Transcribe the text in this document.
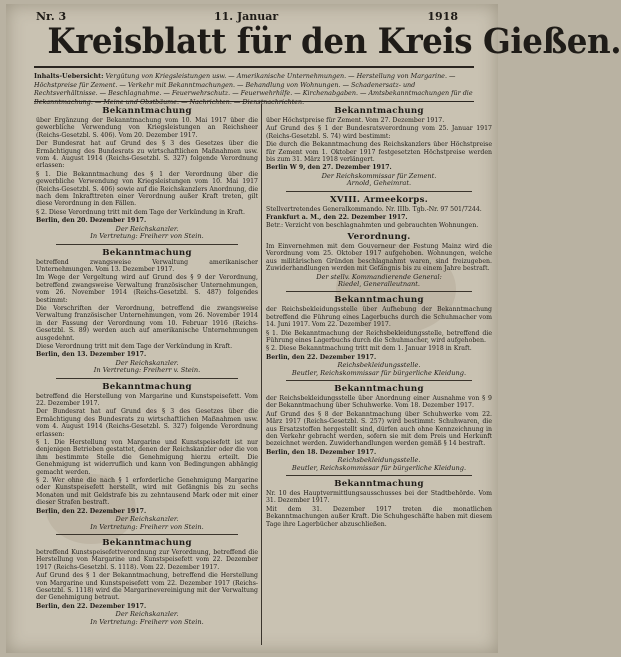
Nr. 3	11. Januar	1918
Kreisblatt für den Kreis Gießen.
Inhalts-Uebersicht: Vergütung von Kriegsleistungen usw. — Amerikanische Unternehmungen. — Herstellung von Margarine. — Höchstpreise für Zement. — Verkehr mit Bekanntmachungen. — Behandlung von Wohnungen. — Schadenersatz- und Rechtsverhältnisse. — Beschlagnahme. — Feuerwehrschutz. — Feuerwehrhilfe. — Kirchenabgaben. — Amtsbekanntmachungen für die
Bekanntmachung

über Ergänzung der Bekanntmachung vom 10. Mai 1917 über die gewerbliche Verwendung von Kriegsleistungen an Reichsheer (Reichs-Gesetzbl. S. 406). Vom 20. Dezember 1917.

Der Bundesrat hat auf Grund des § 3 des Gesetzes über die Ermächtigung des Bundesrats zu wirtschaftlichen Maßnahmen usw. vom 4. August 1914 (Reichs-Gesetzbl. S. 327) folgende Verordnung erlassen:

§ 1. Die Bekanntmachung des § 1 der Verordnung über die gewerbliche Verwendung von Kriegsleistungen vom 10. Mai 1917 (Reichs-Gesetzbl. S. 406) sowie auf die Reichskanzlers Anordnung, die nach dem Inkrafttreten einer Verordnung außer Kraft treten, gilt diese Verordnung in den Fällen.

§ 2. Diese Verordnung tritt mit dem Tage der Verkündung in Kraft.

Berlin, den 20. Dezember 1917.

Der Reichskanzler.

In Vertretung: Freiherr von Stein.

Bekanntmachung

betreffend zwangsweise Verwaltung amerikanischer Unternehmungen. Vom 13. Dezember 1917.

Im Wege der Vergeltung wird auf Grund des § 9 der Verordnung, betreffend zwangsweise Verwaltung französischer Unternehmungen, vom 26. November 1914 (Reichs-Gesetzbl. S. 487) folgendes bestimmt:

Die Vorschriften der Verordnung, betreffend die zwangsweise Verwaltung französischer Unternehmungen, vom 26. November 1914 in der Fassung der Verordnung vom 10. Februar 1916 (Reichs-Gesetzbl. S. 89) werden auch auf amerikanische Unternehmungen ausgedehnt.

Diese Verordnung tritt mit dem Tage der Verkündung in Kraft.

Berlin, den 13. Dezember 1917.

Der Reichskanzler.

In Vertretung: Freiherr v. Stein.

Bekanntmachung

betreffend die Herstellung von Margarine und Kunstspeisefett. Vom 22. Dezember 1917.

Der Bundesrat hat auf Grund des § 3 des Gesetzes über die Ermächtigung des Bundesrats zu wirtschaftlichen Maßnahmen usw. vom 4. August 1914 (Reichs-Gesetzbl. S. 327) folgende Verordnung erlassen:

§ 1. Die Herstellung von Margarine und Kunstspeisefett ist nur denjenigen Betrieben gestattet, denen der Reichskanzler oder die von ihm bestimmte Stelle die Genehmigung hierzu erteilt. Die Genehmigung ist widerruflich und kann von Bedingungen abhängig gemacht werden.

§ 2. Wer ohne die nach § 1 erforderliche Genehmigung Margarine oder Kunstspeisefett herstellt, wird mit Gefängnis bis zu sechs Monaten und mit Geldstrafe bis zu zehntausend Mark oder mit einer dieser Strafen bestraft.

Berlin, den 22. Dezember 1917.

Der Reichskanzler.

In Vertretung: Freiherr von Stein.

Bekanntmachung

betreffend Kunstspeisefettverordnung zur Verordnung, betreffend die Herstellung von Margarine und Kunstspeisefett vom 22. Dezember 1917 (Reichs-Gesetzbl. S. 1118). Vom 22. Dezember 1917.

Auf Grund des § 1 der Bekanntmachung, betreffend die Herstellung von Margarine und Kunstspeisefett vom 22. Dezember 1917 (Reichs-Gesetzbl. S. 1118) wird die Margarinevereinigung mit der Verwaltung der Genehmigung betraut.

Berlin, den 22. Dezember 1917.

Der Reichskanzler.

In Vertretung: Freiherr von Stein.

Bekanntmachung

über Höchstpreise für Zement. Vom 27. Dezember 1917.

Auf Grund des § 1 der Bundesratsverordnung vom 25. Januar 1917 (Reichs-Gesetzbl. S. 74) wird bestimmt:

Die durch die Bekanntmachung des Reichskanzlers über Höchstpreise für Zement vom 1. Oktober 1917 festgesetzten Höchstpreise werden bis zum 31. März 1918 verlängert.

Berlin W 9, den 27. Dezember 1917.

Der Reichskommissar für Zement.

Arnold, Geheimrat.

XVIII. Armeekorps.

Stellvertretendes Generalkommando. Nr. IIIb. Tgb.-Nr. 97 501/7244.

Frankfurt a. M., den 22. Dezember 1917.

Betr.: Verzicht von beschlagnahmten und gebrauchten Wohnungen.

Verordnung.

Im Einvernehmen mit dem Gouverneur der Festung Mainz wird die Verordnung vom 25. Oktober 1917 aufgehoben. Wohnungen, welche aus militärischen Gründen beschlagnahmt waren, sind freizugeben. Zuwiderhandlungen werden mit Gefängnis bis zu einem Jahre bestraft.

Der stellv. Kommandierende General:

Riedel, Generalleutnant.

Bekanntmachung

der Reichsbekleidungsstelle über Aufhebung der Bekanntmachung betreffend die Führung eines Lagerbuchs durch die Schuhmacher vom 14. Juni 1917. Vom 22. Dezember 1917.

§ 1. Die Bekanntmachung der Reichsbekleidungsstelle, betreffend die Führung eines Lagerbuchs durch die Schuhmacher, wird aufgehoben.

§ 2. Diese Bekanntmachung tritt mit dem 1. Januar 1918 in Kraft.

Berlin, den 22. Dezember 1917.

Reichsbekleidungsstelle.

Beutler, Reichskommissar für bürgerliche Kleidung.

Bekanntmachung

der Reichsbekleidungsstelle über Anordnung einer Ausnahme von § 9 der Bekanntmachung über Schuhwerke. Vom 18. Dezember 1917.

Auf Grund des § 8 der Bekanntmachung über Schuhwerke vom 22. März 1917 (Reichs-Gesetzbl. S. 257) wird bestimmt: Schuhwaren, die aus Ersatzstoffen hergestellt sind, dürfen auch ohne Kennzeichnung in den Verkehr gebracht werden, sofern sie mit dem Preis und Herkunft bezeichnet werden. Zuwiderhandlungen werden gemäß § 14 bestraft.

Berlin, den 18. Dezember 1917.

Reichsbekleidungsstelle.

Beutler, Reichskommissar für bürgerliche Kleidung.

Bekanntmachung

Nr. 10 des Hauptvermittlungsausschusses bei der Stadtbehörde. Vom 31. Dezember 1917.

Mit dem 31. Dezember 1917 treten die monatlichen Bekanntmachungen außer Kraft. Die Schuhgeschäfte haben mit diesem Tage ihre Lagerbücher abzuschließen.
